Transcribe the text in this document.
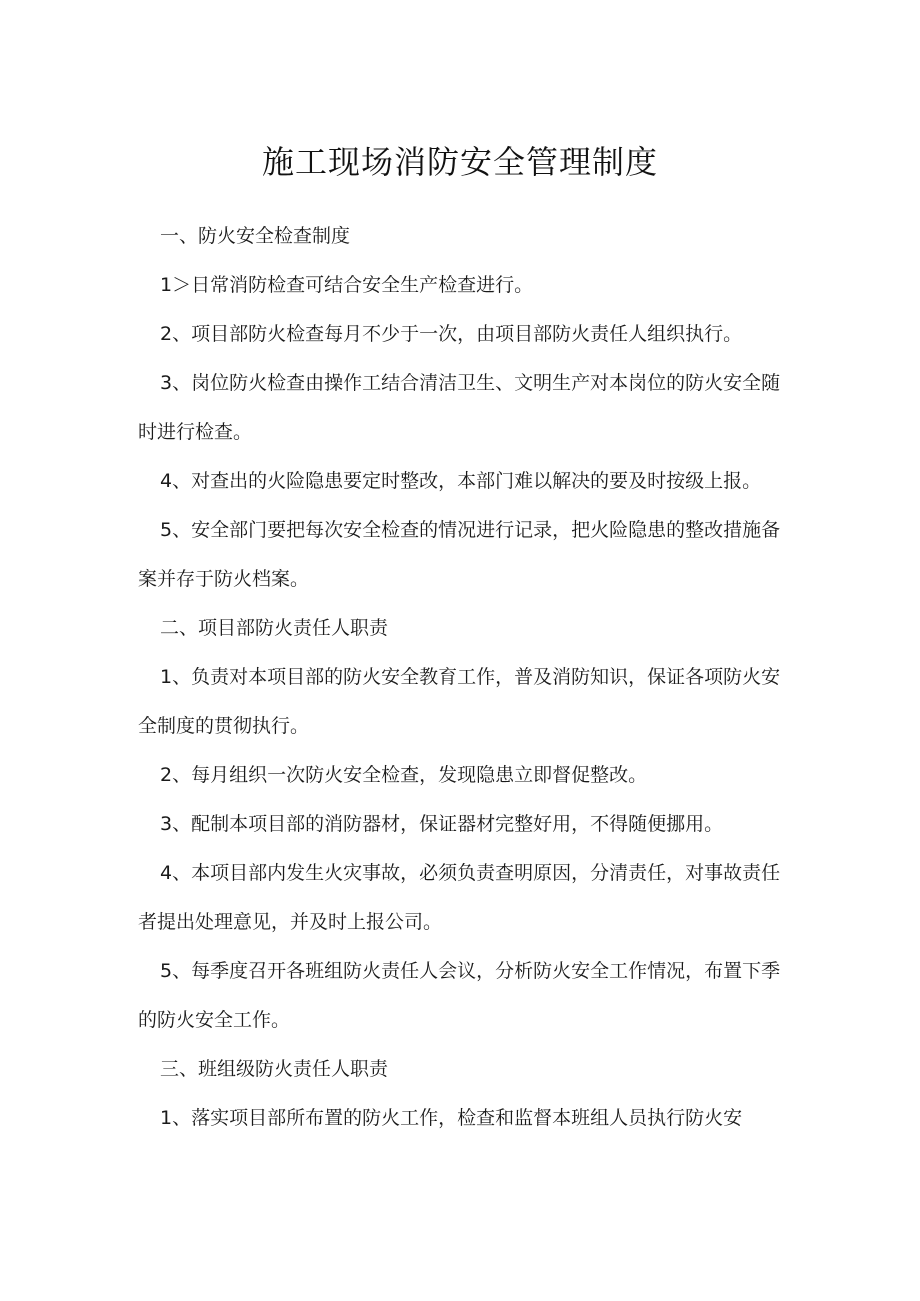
施工现场消防安全管理制度

一、防火安全检查制度

1＞日常消防检查可结合安全生产检查进行。

2、项目部防火检查每月不少于一次，由项目部防火责任人组织执行。

3、岗位防火检查由操作工结合清洁卫生、文明生产对本岗位的防火安全随时进行检查。

4、对查出的火险隐患要定时整改，本部门难以解决的要及时按级上报。

5、安全部门要把每次安全检查的情况进行记录，把火险隐患的整改措施备案并存于防火档案。

二、项目部防火责任人职责

1、负责对本项目部的防火安全教育工作，普及消防知识，保证各项防火安全制度的贯彻执行。

2、每月组织一次防火安全检查，发现隐患立即督促整改。

3、配制本项目部的消防器材，保证器材完整好用，不得随便挪用。

4、本项目部内发生火灾事故，必须负责查明原因，分清责任，对事故责任者提出处理意见，并及时上报公司。

5、每季度召开各班组防火责任人会议，分析防火安全工作情况，布置下季的防火安全工作。

三、班组级防火责任人职责

1、落实项目部所布置的防火工作，检查和监督本班组人员执行防火安
